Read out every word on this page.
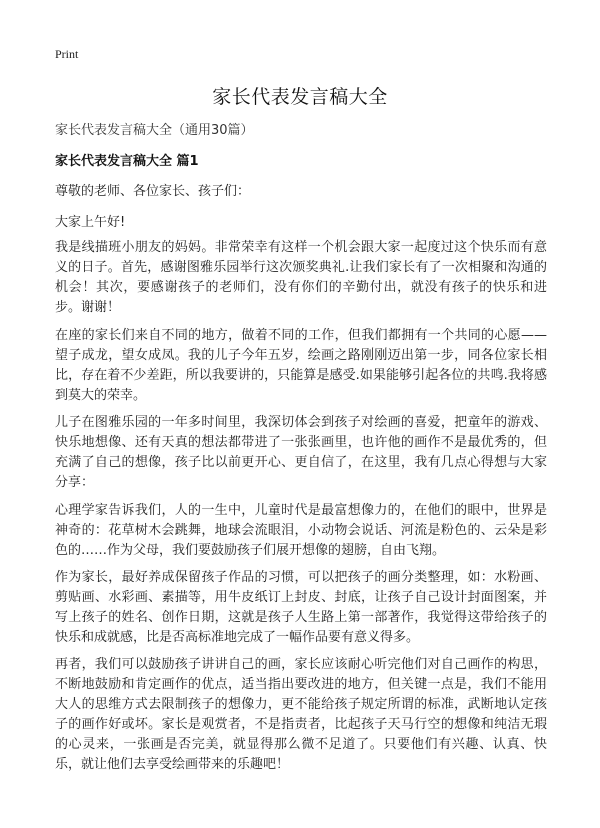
Print
家长代表发言稿大全
家长代表发言稿大全（通用30篇）
家长代表发言稿大全 篇1
尊敬的老师、各位家长、孩子们：
大家上午好!

我是线描班小朋友的妈妈。非常荣幸有这样一个机会跟大家一起度过这个快乐而有意义的日子。首先，感谢图雅乐园举行这次颁奖典礼.让我们家长有了一次相聚和沟通的机会！其次，要感谢孩子的老师们，没有你们的辛勤付出，就没有孩子的快乐和进步。谢谢！

在座的家长们来自不同的地方，做着不同的工作，但我们都拥有一个共同的心愿——望子成龙，望女成凤。我的儿子今年五岁，绘画之路刚刚迈出第一步，同各位家长相比，存在着不少差距，所以我要讲的，只能算是感受.如果能够引起各位的共鸣.我将感到莫大的荣幸。

儿子在图雅乐园的一年多时间里，我深切体会到孩子对绘画的喜爱，把童年的游戏、快乐地想像、还有天真的想法都带进了一张张画里，也许他的画作不是最优秀的，但充满了自己的想像，孩子比以前更开心、更自信了，在这里，我有几点心得想与大家分享：

心理学家告诉我们，人的一生中，儿童时代是最富想像力的，在他们的眼中，世界是神奇的：花草树木会跳舞，地球会流眼泪，小动物会说话、河流是粉色的、云朵是彩色的……作为父母，我们要鼓励孩子们展开想像的翅膀，自由飞翔。

作为家长，最好养成保留孩子作品的习惯，可以把孩子的画分类整理，如：水粉画、剪贴画、水彩画、素描等，用牛皮纸订上封皮、封底，让孩子自己设计封面图案，并写上孩子的姓名、创作日期，这就是孩子人生路上第一部著作，我觉得这带给孩子的快乐和成就感，比是否高标准地完成了一幅作品要有意义得多。

再者，我们可以鼓励孩子讲讲自己的画，家长应该耐心听完他们对自己画作的构思，不断地鼓励和肯定画作的优点，适当指出要改进的地方，但关键一点是，我们不能用大人的思维方式去限制孩子的想像力，更不能给孩子规定所谓的标准，武断地认定孩子的画作好或坏。家长是观赏者，不是指责者，比起孩子天马行空的想像和纯洁无瑕的心灵来，一张画是否完美，就显得那么微不足道了。只要他们有兴趣、认真、快乐，就让他们去享受绘画带来的乐趣吧！
